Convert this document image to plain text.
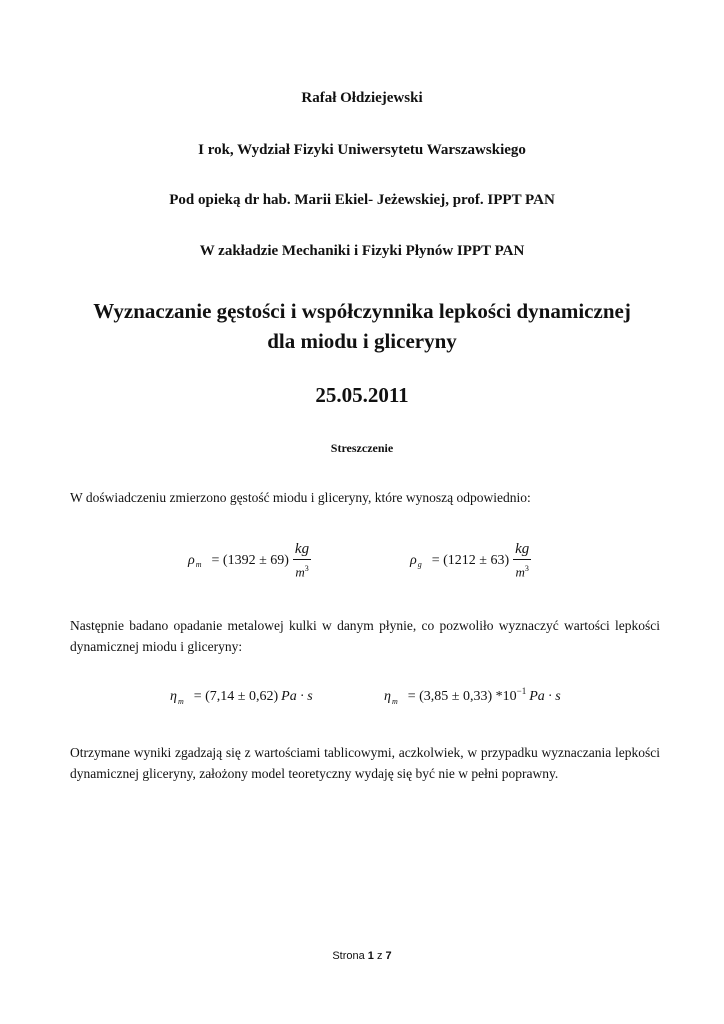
Rafał Ołdziejewski
I rok, Wydział Fizyki Uniwersytetu Warszawskiego
Pod opieką dr hab. Marii Ekiel- Jeżewskiej, prof. IPPT PAN
W zakładzie Mechaniki i Fizyki Płynów IPPT PAN
Wyznaczanie gęstości i współczynnika lepkości dynamicznej
dla miodu i gliceryny
25.05.2011
Streszczenie
W doświadczeniu zmierzono gęstość miodu i gliceryny, które wynoszą odpowiednio:
ρ $m = (1392 \pm 69) \frac{kg}{m^3}$	ρ $g = (1212 \pm 63) \frac{kg}{m^3}$
Następnie badano opadanie metalowej kulki w danym płynie, co pozwoliło wyznaczyć wartości lepkości dynamicznej miodu i gliceryny:
η m = (7,14 ± 0,62) Pa · s	η m = (3,85 ± 0,33) *10 −1 Pa · s
Otrzymane wyniki zgadzają się z wartościami tablicowymi, aczkolwiek, w przypadku wyznaczania lepkości dynamicznej gliceryny, założony model teoretyczny wydaję się być nie w pełni poprawny.
Strona 1 z 7
